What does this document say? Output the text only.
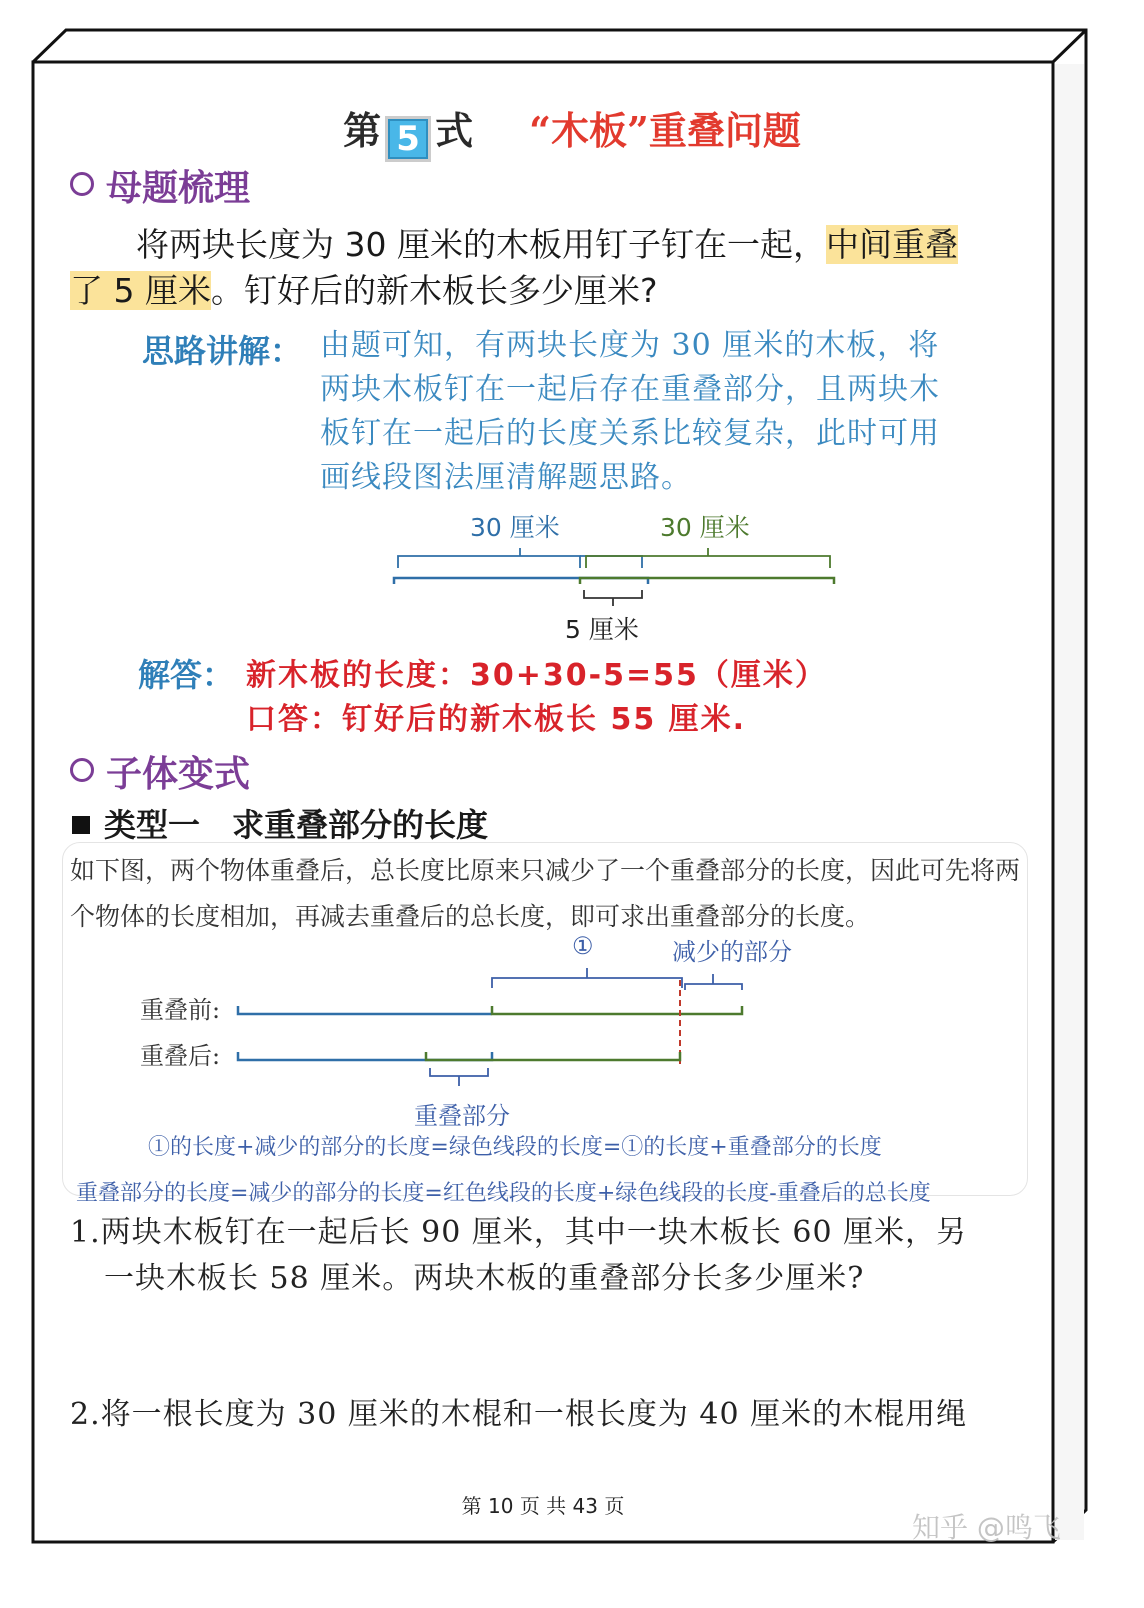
第 5 式 “木板”重叠问题
母题梳理
将两块长度为 30 厘米的木板用钉子钉在一起，中间重叠
了 5 厘米。钉好后的新木板长多少厘米?
思路讲解： 由题可知，有两块长度为 30 厘米的木板，将
两块木板钉在一起后存在重叠部分，且两块木
板钉在一起后的长度关系比较复杂，此时可用
画线段图法厘清解题思路。
30 厘米	30 厘米
5 厘米
解答： 新木板的长度：30+30-5=55（厘米）
口答：钉好后的新木板长 55 厘米.
子体变式
类型一　求重叠部分的长度
如下图，两个物体重叠后，总长度比原来只减少了一个重叠部分的长度，因此可先将两个物体的长度相加，再减去重叠后的总长度，即可求出重叠部分的长度。
①	减少的部分
重叠前:
重叠后:
重叠部分
①的长度+减少的部分的长度=绿色线段的长度=①的长度+重叠部分的长度
重叠部分的长度=减少的部分的长度=红色线段的长度+绿色线段的长度-重叠后的总长度
1.两块木板钉在一起后长 90 厘米，其中一块木板长 60 厘米，另
一块木板长 58 厘米。两块木板的重叠部分长多少厘米?
2.将一根长度为 30 厘米的木棍和一根长度为 40 厘米的木棍用绳
第 10 页 共 43 页
知乎 @鸣飞
